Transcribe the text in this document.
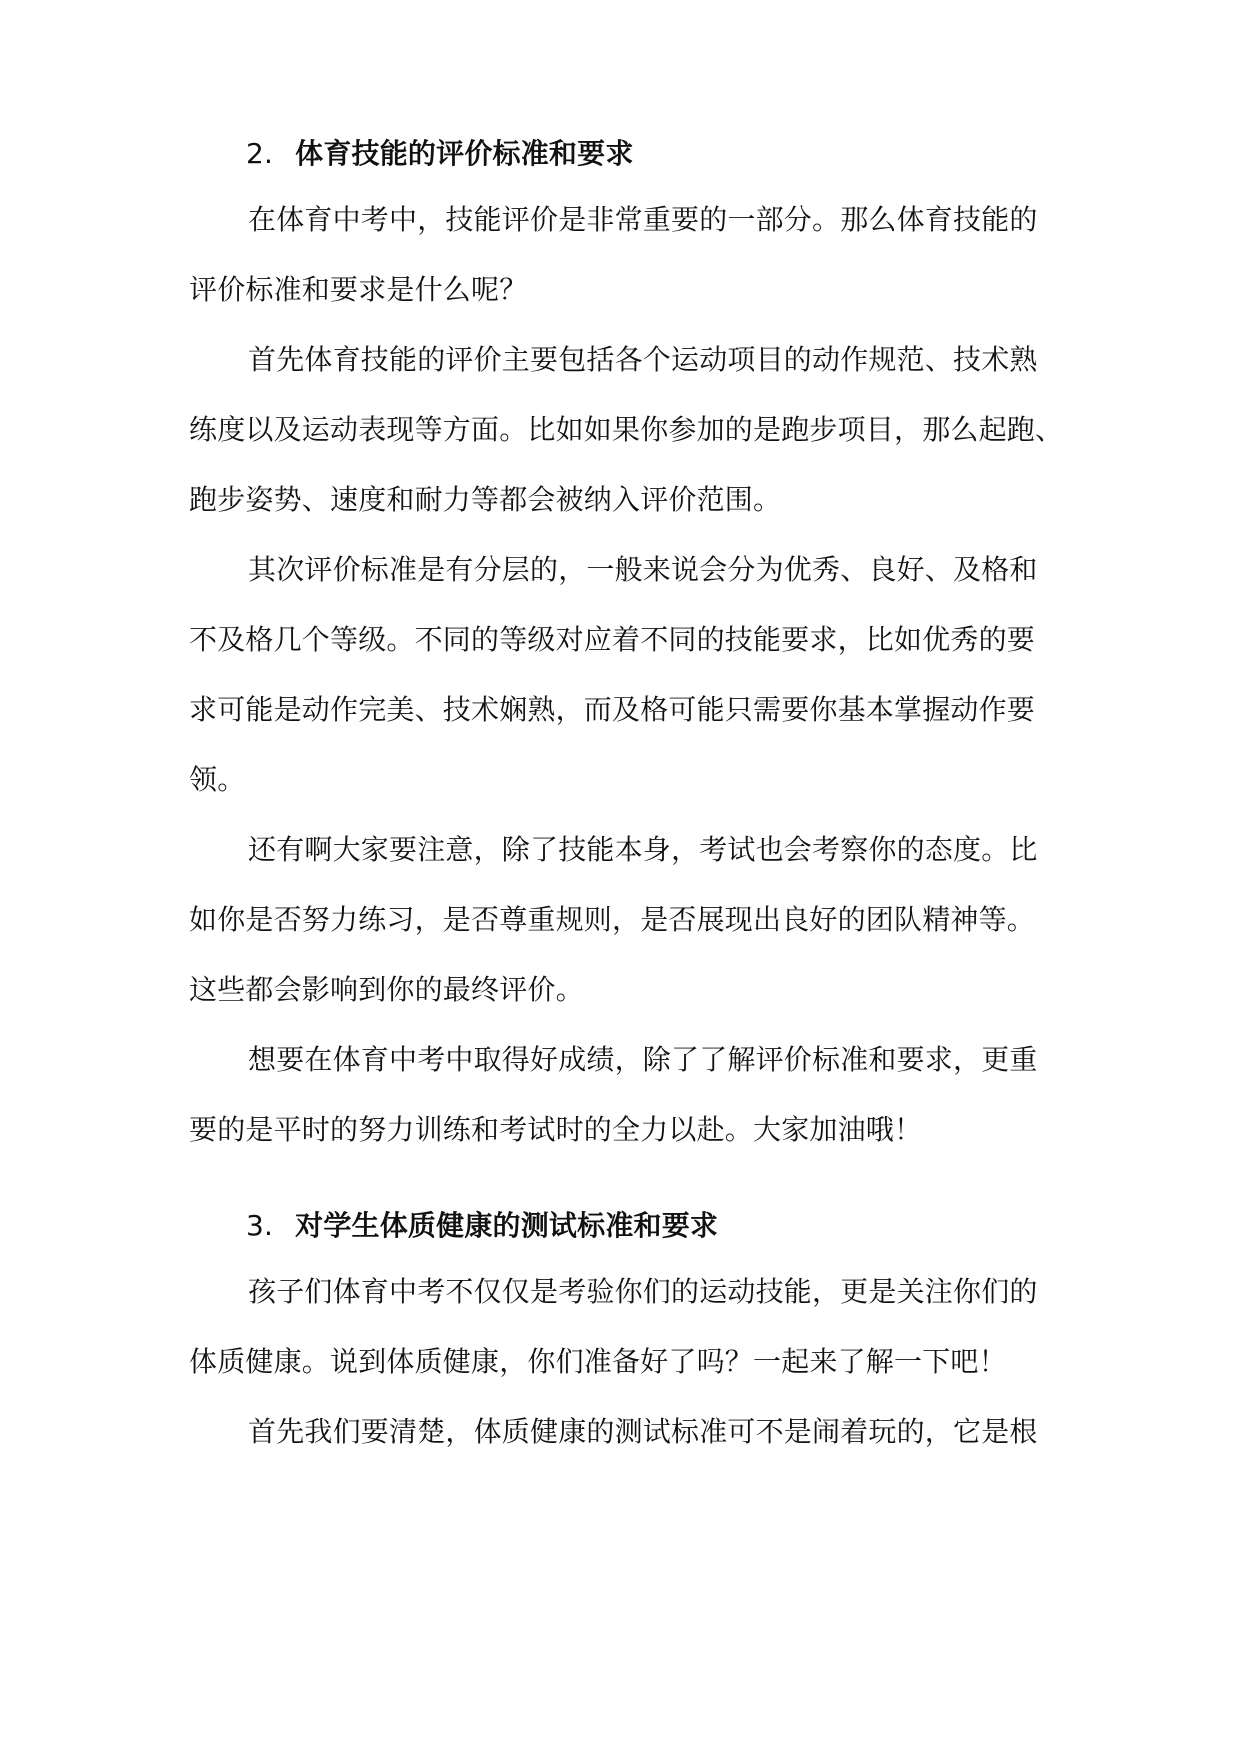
2. 体育技能的评价标准和要求

在体育中考中，技能评价是非常重要的一部分。那么体育技能的

评价标准和要求是什么呢？

首先体育技能的评价主要包括各个运动项目的动作规范、技术熟

练度以及运动表现等方面。比如如果你参加的是跑步项目，那么起跑、

跑步姿势、速度和耐力等都会被纳入评价范围。

其次评价标准是有分层的，一般来说会分为优秀、良好、及格和

不及格几个等级。不同的等级对应着不同的技能要求，比如优秀的要

求可能是动作完美、技术娴熟，而及格可能只需要你基本掌握动作要

领。

还有啊大家要注意，除了技能本身，考试也会考察你的态度。比

如你是否努力练习，是否尊重规则，是否展现出良好的团队精神等。

这些都会影响到你的最终评价。

想要在体育中考中取得好成绩，除了了解评价标准和要求，更重

要的是平时的努力训练和考试时的全力以赴。大家加油哦！

3. 对学生体质健康的测试标准和要求

孩子们体育中考不仅仅是考验你们的运动技能，更是关注你们的

体质健康。说到体质健康，你们准备好了吗？一起来了解一下吧！

首先我们要清楚，体质健康的测试标准可不是闹着玩的，它是根
